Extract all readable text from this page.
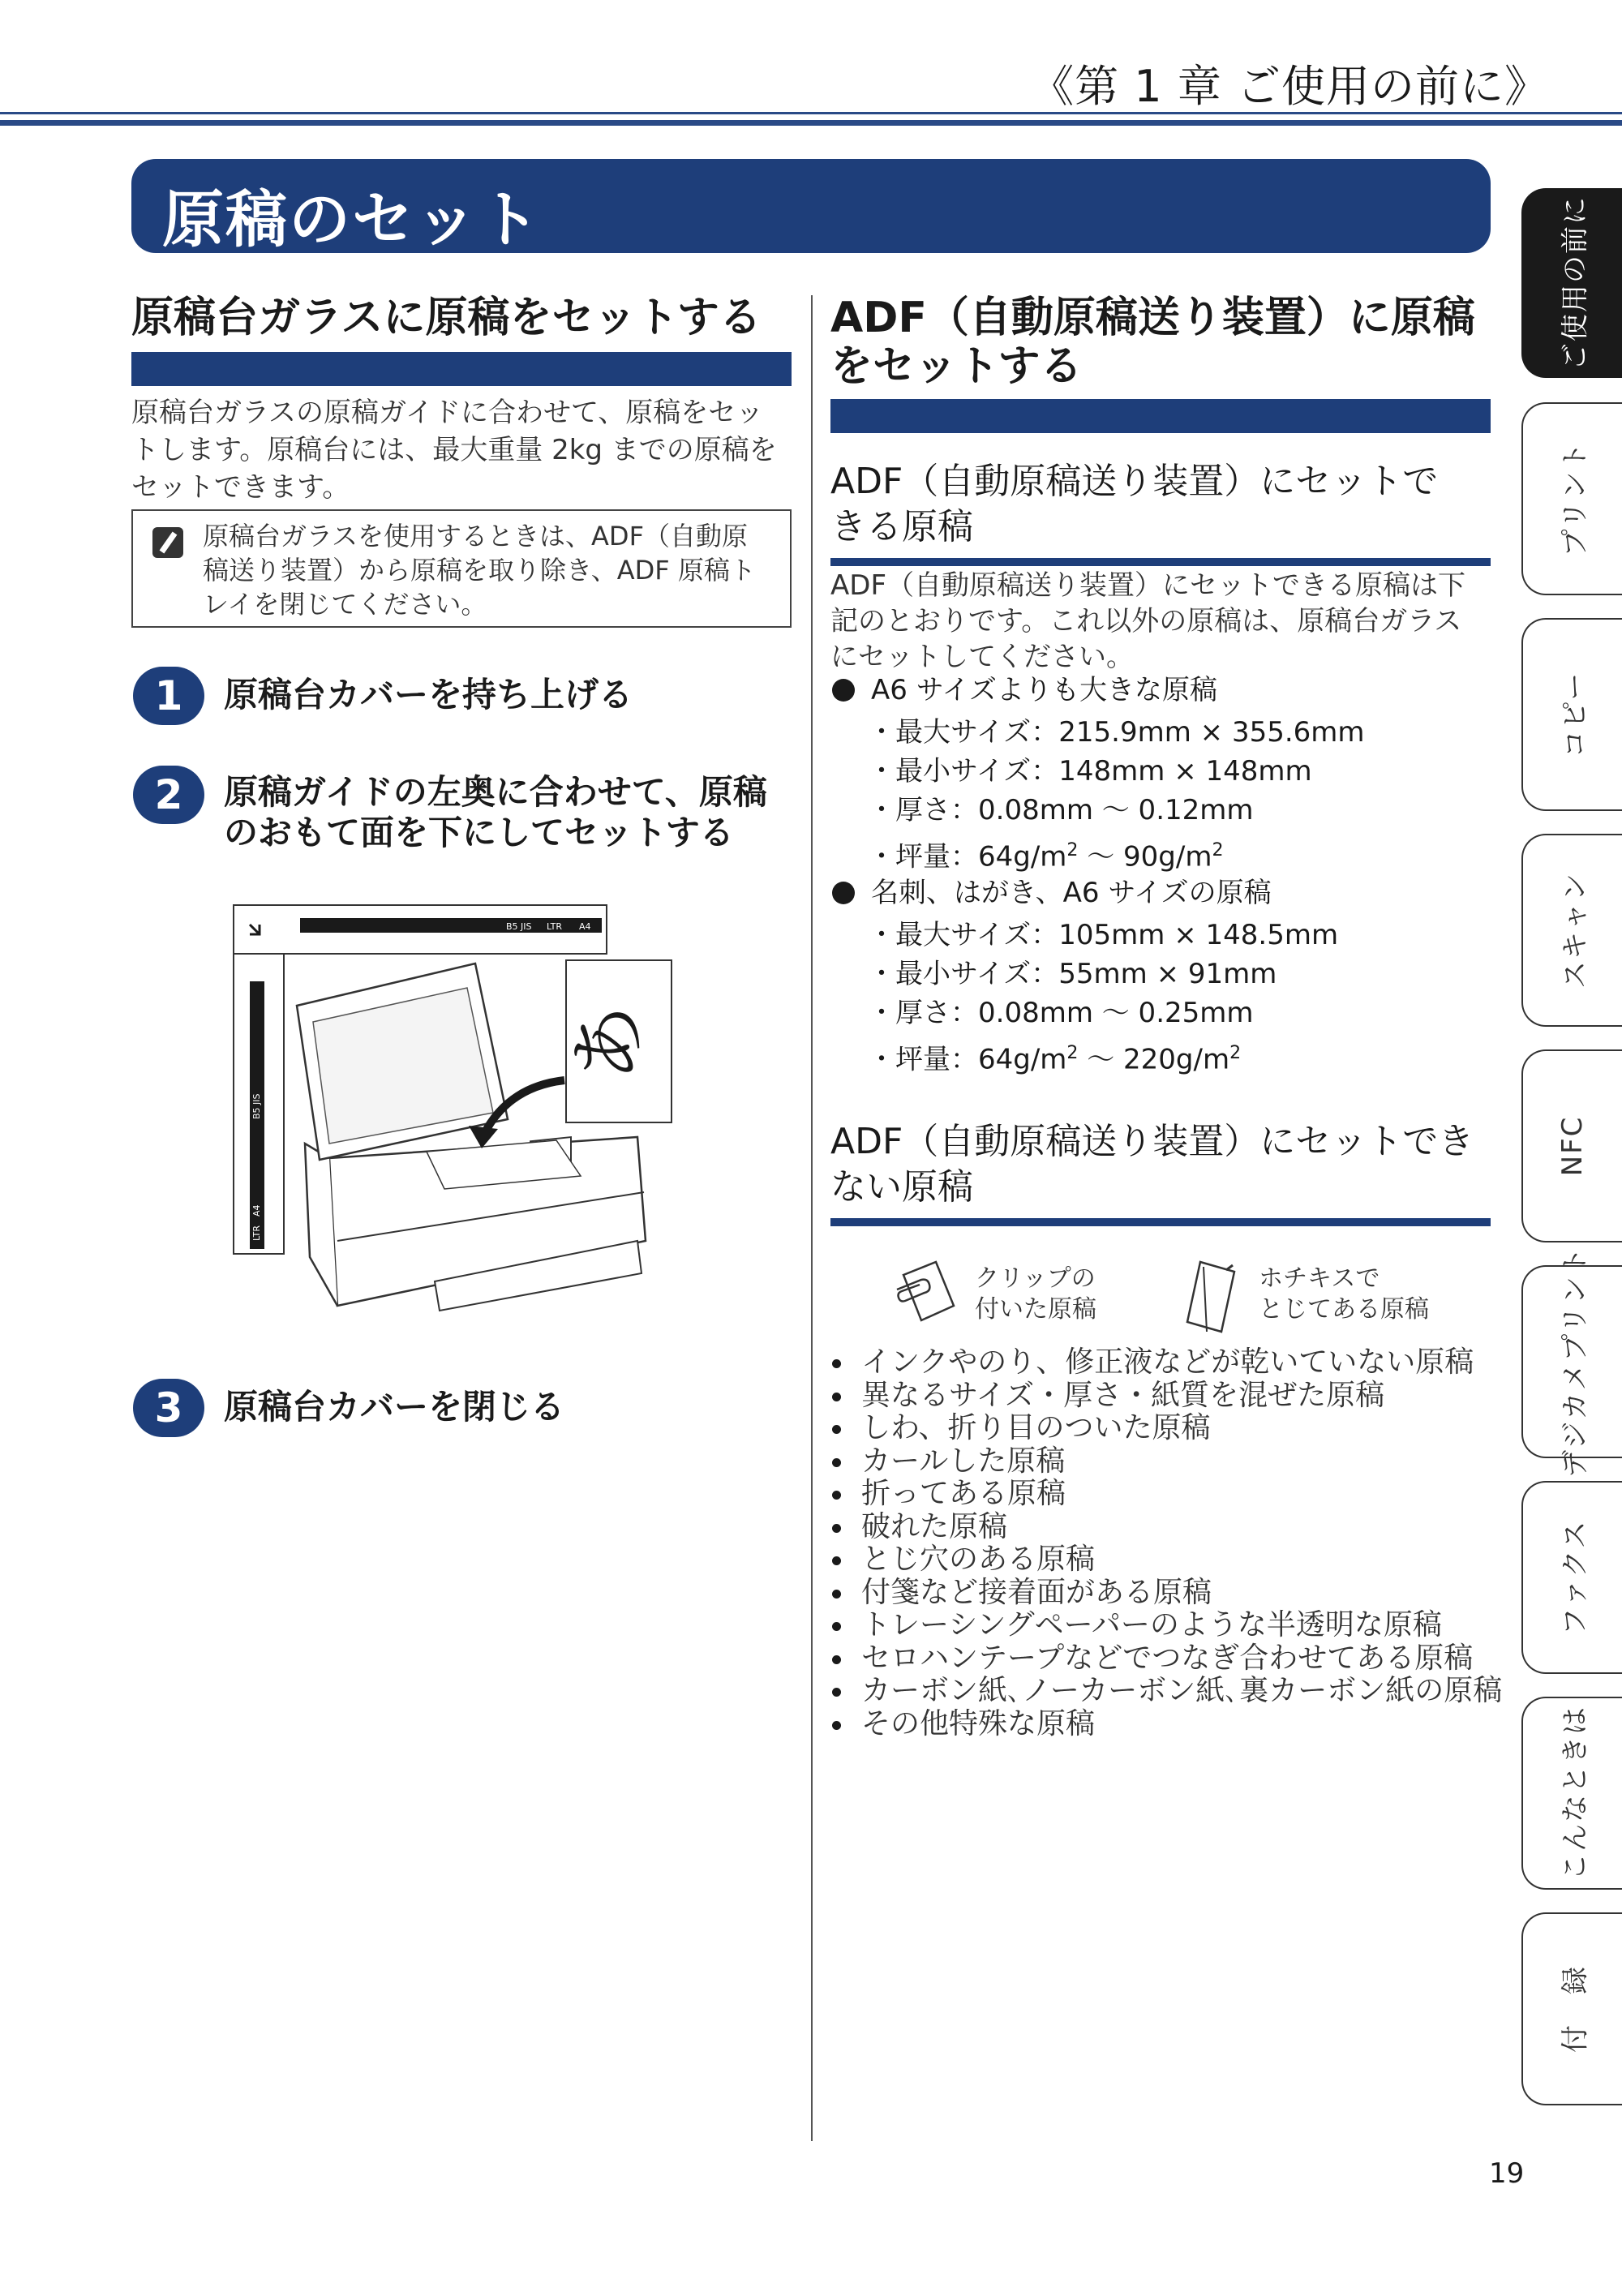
《第 1 章 ご使用の前に》
原稿のセット
原稿台ガラスに原稿をセットする
原稿台ガラスの原稿ガイドに合わせて、原稿をセッ
トします。原稿台には、最大重量 2kg までの原稿を
セットできます。
原稿台ガラスを使用するときは、ADF（自動原
稿送り装置）から原稿を取り除き、ADF 原稿ト
レイを閉じてください。
1	原稿台カバーを持ち上げる
2	原稿ガイドの左奥に合わせて、原稿
のおもて面を下にしてセットする
B5 JIS LTR A4
LTR
A4
B5 JIS
あ
3	原稿台カバーを閉じる
ADF（自動原稿送り装置）に原稿
をセットする
ADF（自動原稿送り装置）にセットで
きる原稿
ADF（自動原稿送り装置）にセットできる原稿は下
記のとおりです。これ以外の原稿は、原稿台ガラス
にセットしてください。
A6 サイズよりも大きな原稿
・最大サイズ：215.9mm × 355.6mm
・最小サイズ：148mm × 148mm
・厚さ：0.08mm 〜 0.12mm
・坪量：$64g/m^2$ 〜 $90g/m^2$
名刺、はがき、A6 サイズの原稿
・最大サイズ：105mm × 148.5mm
・最小サイズ：55mm × 91mm
・厚さ：0.08mm 〜 0.25mm
・坪量：$64g/m^2$ 〜 $220g/m^2$
ADF（自動原稿送り装置）にセットでき
ない原稿
クリップの
付いた原稿
ホチキスで
とじてある原稿
インクやのり、修正液などが乾いていない原稿
異なるサイズ・厚さ・紙質を混ぜた原稿
しわ、折り目のついた原稿
カールした原稿
折ってある原稿
破れた原稿
とじ穴のある原稿
付箋など接着面がある原稿
トレーシングペーパーのような半透明な原稿
セロハンテープなどでつなぎ合わせてある原稿
カーボン紙､ノーカーボン紙､裏カーボン紙の原稿
その他特殊な原稿
ご使用の前に
プリント
コピー
スキャン
NFC
デジカメプリント
ファクス
こんなときは
付　録
19
